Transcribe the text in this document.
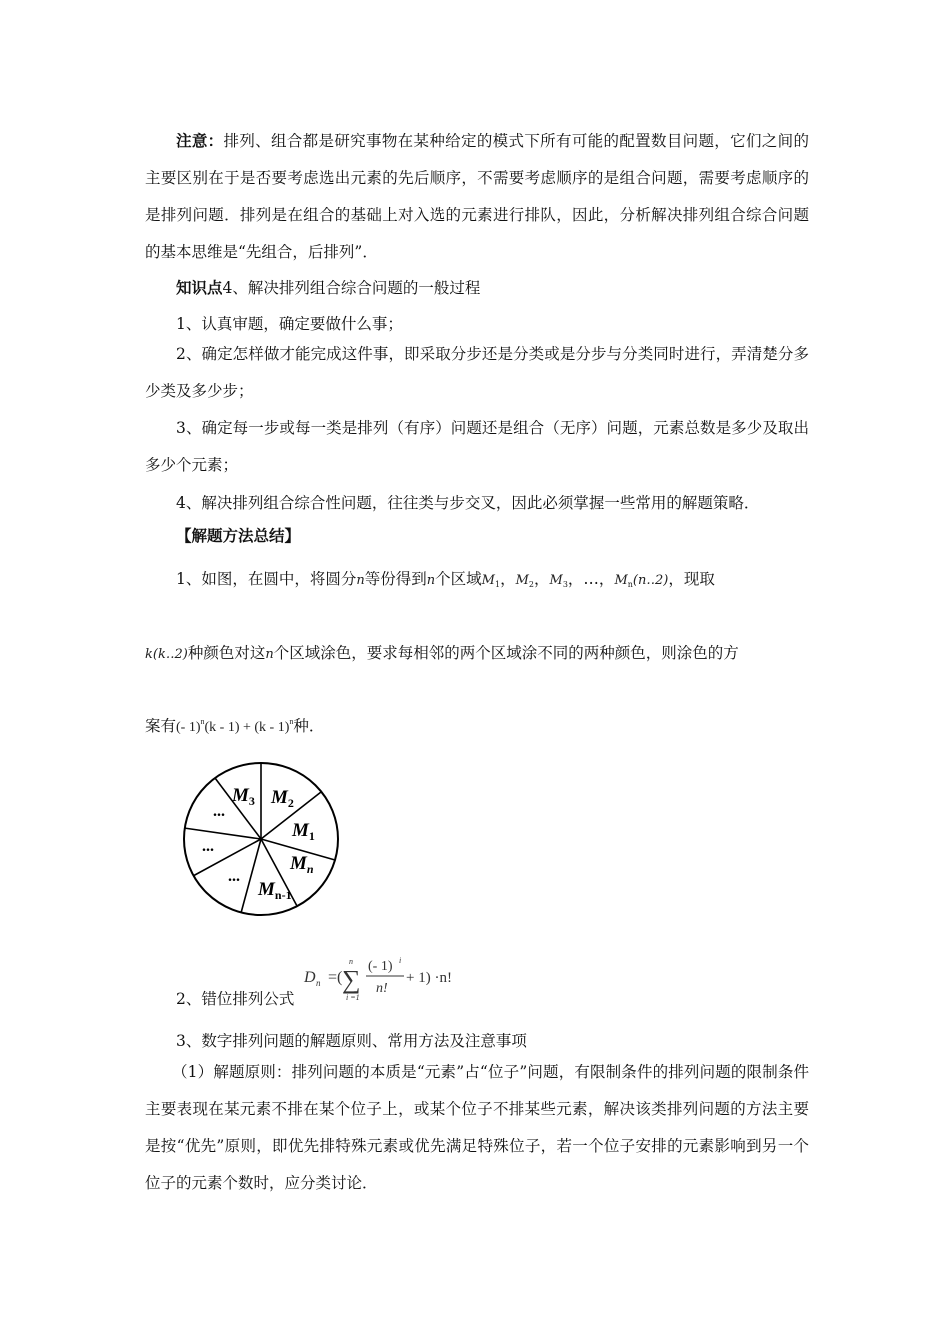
注意：排列、组合都是研究事物在某种给定的模式下所有可能的配置数目问题，它们之间的主要区别在于是否要考虑选出元素的先后顺序，不需要考虑顺序的是组合问题，需要考虑顺序的是排列问题．排列是在组合的基础上对入选的元素进行排队，因此，分析解决排列组合综合问题的基本思维是“先组合，后排列”．

知识点4、解决排列组合综合问题的一般过程

1、认真审题，确定要做什么事；

2、确定怎样做才能完成这件事，即采取分步还是分类或是分步与分类同时进行，弄清楚分多少类及多少步；

3、确定每一步或每一类是排列（有序）问题还是组合（无序）问题，元素总数是多少及取出多少个元素；

4、解决排列组合综合性问题，往往类与步交叉，因此必须掌握一些常用的解题策略．

【解题方法总结】

1、如图，在圆中，将圆分n等份得到n个区域$M_1$，$M_2$，$M_3$，…，$M_n(n‥2)$，现取

k(k‥2)种颜色对这n个区域涂色，要求每相邻的两个区域涂不同的两种颜色，则涂色的方

案有(- 1)$^n$(k - 1) + (k - 1)$^n$种．

$M_3$ $M_2$
$M_1$
$M_n$
$M_{n-1}$
...
...
...

2、错位排列公式

D n =( ∑
n
i =1
(- 1) i
n!
+ 1) ·n!

3、数字排列问题的解题原则、常用方法及注意事项

（1）解题原则：排列问题的本质是“元素”占“位子”问题，有限制条件的排列问题的限制条件主要表现在某元素不排在某个位子上，或某个位子不排某些元素，解决该类排列问题的方法主要是按“优先”原则，即优先排特殊元素或优先满足特殊位子，若一个位子安排的元素影响到另一个位子的元素个数时，应分类讨论．
